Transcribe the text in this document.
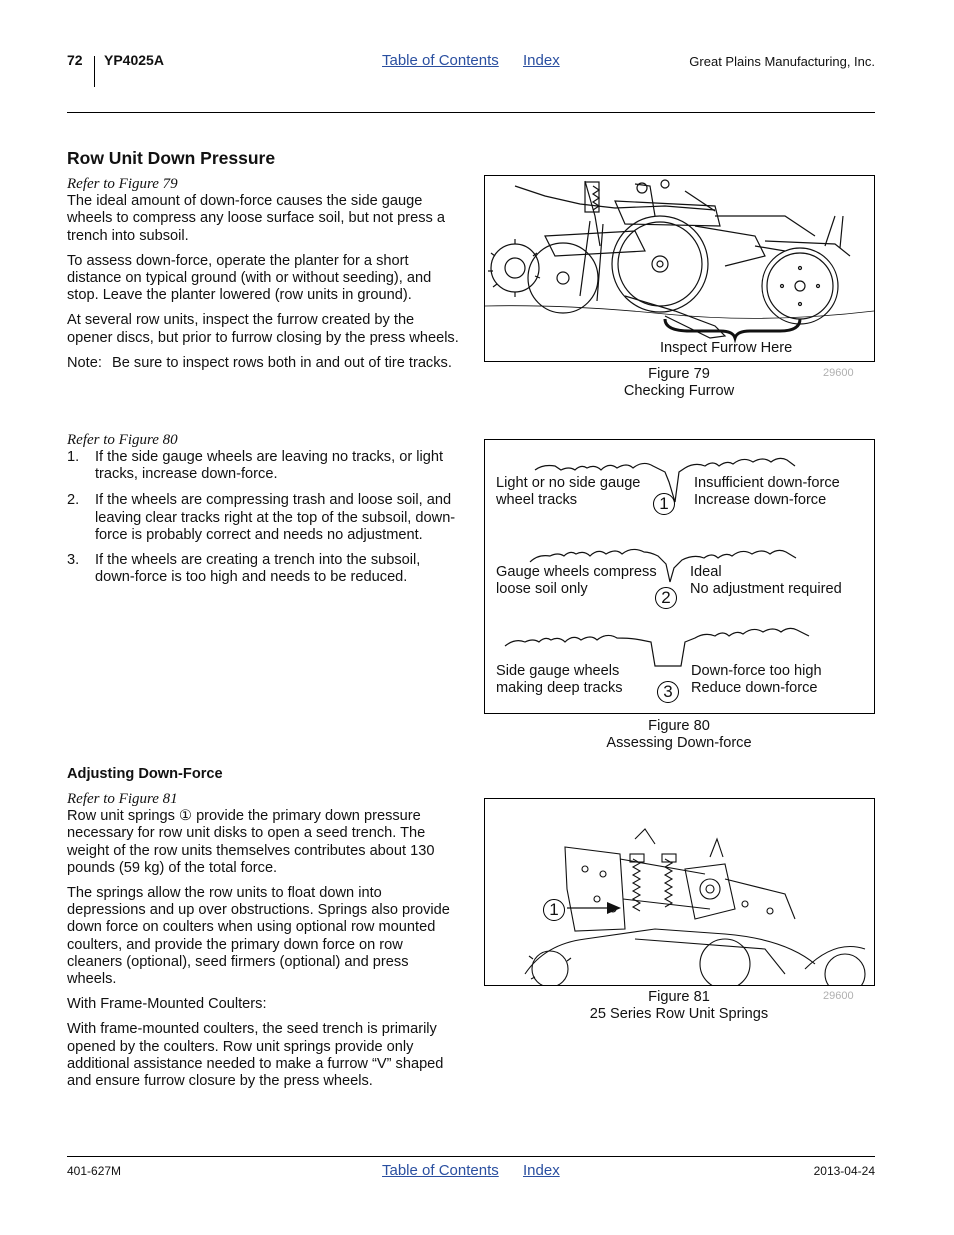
72 YP4025A	Table of Contents Index	Great Plains Manufacturing, Inc.
Row Unit Down Pressure
Refer to Figure 79

The ideal amount of down-force causes the side gauge wheels to compress any loose surface soil, but not press a trench into subsoil.

To assess down-force, operate the planter for a short distance on typical ground (with or without seeding), and stop. Leave the planter lowered (row units in ground).

At several row units, inspect the furrow created by the opener discs, but prior to furrow closing by the press wheels.

Note: Be sure to inspect rows both in and out of tire tracks.
Refer to Figure 80
1. If the side gauge wheels are leaving no tracks, or light tracks, increase down-force.
2. If the wheels are compressing trash and loose soil, and leaving clear tracks right at the top of the subsoil, down-force is probably correct and needs no adjustment.
3. If the wheels are creating a trench into the subsoil, down-force is too high and needs to be reduced.
Adjusting Down-Force
Refer to Figure 81

Row unit springs ① provide the primary down pressure necessary for row unit disks to open a seed trench. The weight of the row units themselves contributes about 130 pounds (59 kg) of the total force.

The springs allow the row units to float down into depressions and up over obstructions. Springs also provide down force on coulters when using optional row mounted coulters, and provide the primary down force on row cleaners (optional), seed firmers (optional) and press wheels.

With Frame-Mounted Coulters:

With frame-mounted coulters, the seed trench is primarily opened by the coulters. Row unit springs provide only additional assistance needed to make a furrow “V” shaped and ensure furrow closure by the press wheels.

Inspect Furrow Here
Figure 79
Checking Furrow
29600
Light or no side gauge
wheel tracks
Insufficient down-force
Increase down-force
1
Gauge wheels compress
loose soil only
Ideal
No adjustment required
2
Side gauge wheels
making deep tracks
Down-force too high
Reduce down-force
3
Figure 80
Assessing Down-force
1
Figure 81
25 Series Row Unit Springs
29600
401-627M	Table of Contents Index	2013-04-24
